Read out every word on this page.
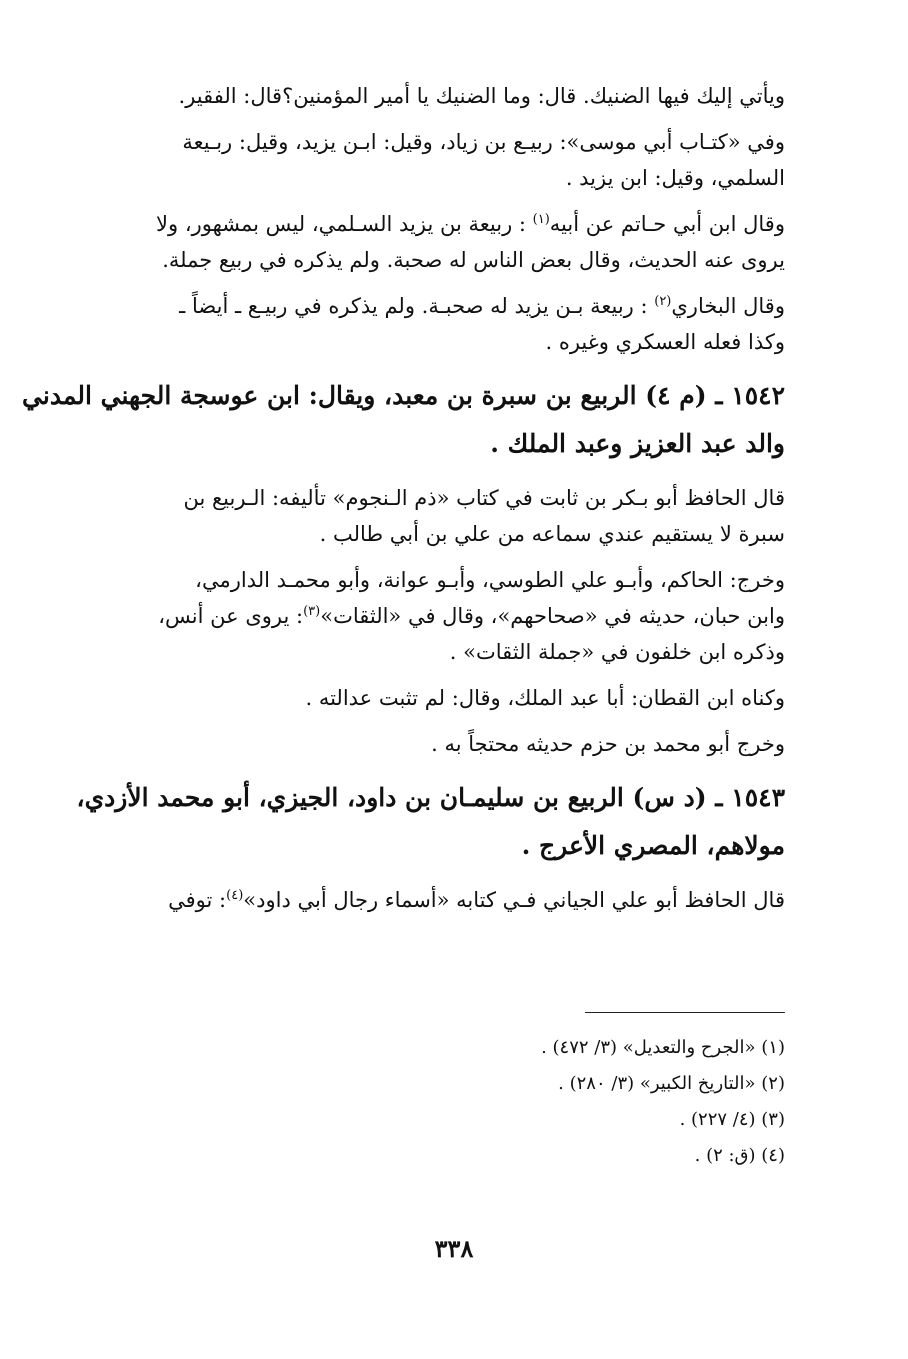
ويأتي إليك فيها الضنيك. قال: وما الضنيك يا أمير المؤمنين؟قال: الفقير.

وفي «كتـاب أبي موسى»: ربيـع بن زياد، وقيل: ابـن يزيد، وقيل: ربـيعة
السلمي، وقيل: ابن يزيد .

وقال ابن أبي حـاتم عن أبيه$^{(١)}$ : ربيعة بن يزيد السـلمي، ليس بمشهور، ولا
يروى عنه الحديث، وقال بعض الناس له صحبة. ولم يذكره في ربيع جملة.

وقال البخاري$^{(٢)}$ : ربيعة بـن يزيد له صحبـة. ولم يذكره في ربيـع ـ أيضاً ـ
وكذا فعله العسكري وغيره .

١٥٤٢ ـ (م ٤) الربيع بن سبرة بن معبد، ويقال: ابن عوسجة الجهني المدني
والد عبد العزيز وعبد الملك .

قال الحافظ أبو بـكر بن ثابت في كتاب «ذم الـنجوم» تأليفه: الـربيع بن
سبرة لا يستقيم عندي سماعه من علي بن أبي طالب .

وخرج: الحاكم، وأبـو علي الطوسي، وأبـو عوانة، وأبو محمـد الدارمي،
وابن حبان، حديثه في «صحاحهم»، وقال في «الثقات»$^{(٣)}$: يروى عن أنس،
وذكره ابن خلفون في «جملة الثقات» .

وكناه ابن القطان: أبا عبد الملك، وقال: لم تثبت عدالته .

وخرج أبو محمد بن حزم حديثه محتجاً به .

١٥٤٣ ـ (د س) الربيع بن سليمـان بن داود، الجيزي، أبو محمد الأزدي،
مولاهم، المصري الأعرج .

قال الحافظ أبو علي الجياني فـي كتابه «أسماء رجال أبي داود»$^{(٤)}$: توفي

(١) «الجرح والتعديل» (٣/ ٤٧٢) .
(٢) «التاريخ الكبير» (٣/ ٢٨٠) .
(٣) (٤/ ٢٢٧) .
(٤) (ق: ٢) .
٣٣٨
